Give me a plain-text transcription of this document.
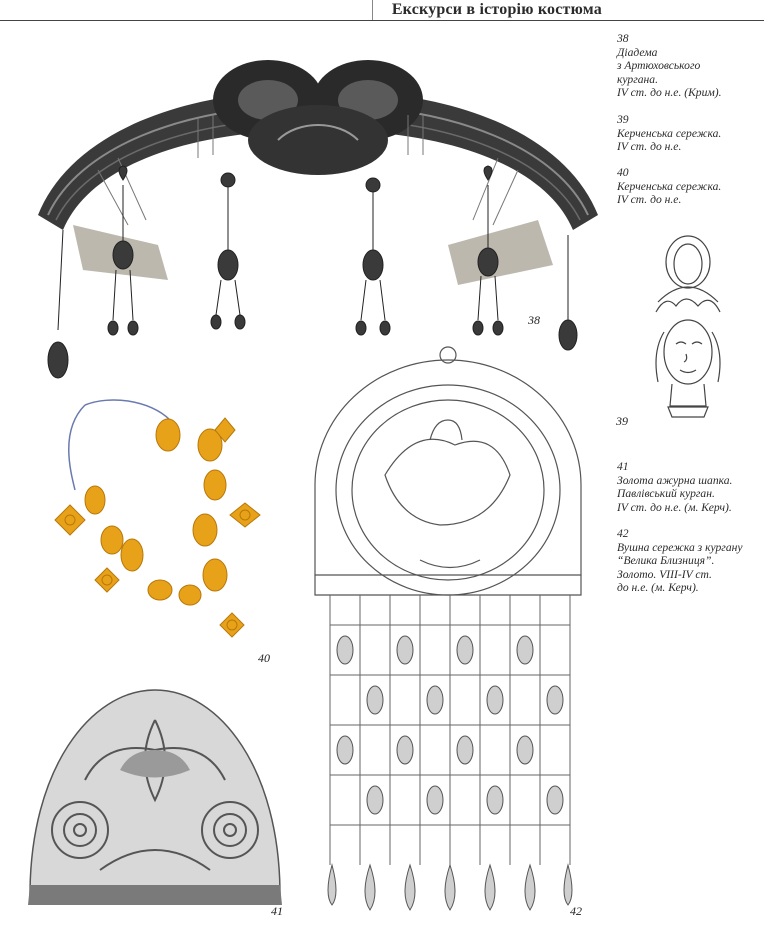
Екскурси в історію костюма
38
Діадема
з Артюховського
кургана.
IV ст. до н.е. (Крим).
39
Керченська сережка.
IV ст. до н.е.
40
Керченська сережка.
IV ст. до н.е.
41
Золота ажурна шапка.
Павлівський курган.
IV ст. до н.е. (м. Керч).
42
Вушна сережка з кургану
“Велика Близниця”.
Золото. VIII-IV ст.
до н.е. (м. Керч).
38
39
40
41	42
